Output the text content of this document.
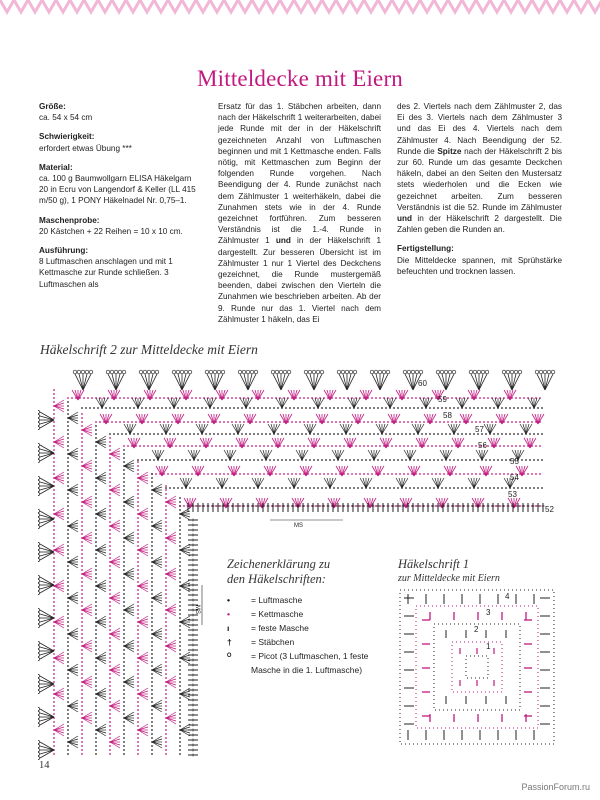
Mitteldecke mit Eiern

Größe:
ca. 54 x 54 cm

Schwierigkeit:
erfordert etwas Übung ***

Material:
ca. 100 g Baumwollgarn ELISA Häkelgarn 20 in Ecru von Langendorf & Keller (LL 415 m/50 g), 1 PONY Häkelnadel Nr. 0,75–1.

Maschenprobe:
20 Kästchen + 22 Reihen = 10 x 10 cm.

Ausführung:
8 Luftmaschen anschlagen und mit 1 Kettmasche zur Runde schließen. 3 Luftmaschen als

Ersatz für das 1. Stäbchen arbeiten, dann nach der Häkelschrift 1 weiterarbeiten, dabei jede Runde mit der in der Häkelschrift gezeichneten Anzahl von Luftmaschen beginnen und mit 1 Kettmasche enden. Falls nötig, mit Kettmaschen zum Beginn der folgenden Runde vorgehen. Nach Beendigung der 4. Runde zunächst nach dem Zählmuster 1 weiterhäkeln, dabei die Zunahmen stets wie in der 4. Runde gezeichnet fortführen. Zum besseren Verständnis ist die 1.-4. Runde in Zählmuster 1 und in der Häkelschrift 1 dargestellt. Zur besseren Übersicht ist im Zählmuster 1 nur 1 Viertel des Deckchens gezeichnet, die Runde mustergemäß beenden, dabei zwischen den Vierteln die Zunahmen wie beschrieben arbeiten. Ab der 9. Runde nur das 1. Viertel nach dem Zählmuster 1 häkeln, das Ei

des 2. Viertels nach dem Zählmuster 2, das Ei des 3. Viertels nach dem Zählmuster 3 und das Ei des 4. Viertels nach dem Zählmuster 4. Nach Beendigung der 52. Runde die Spitze nach der Häkelschrift 2 bis zur 60. Runde um das gesamte Deckchen häkeln, dabei an den Seiten den Mustersatz stets wiederholen und die Ecken wie gezeichnet arbeiten. Zum besseren Verständnis ist die 52. Runde im Zählmuster und in der Häkelschrift 2 dargestellt. Die Zahlen geben die Runden an.

Fertigstellung:
Die Mitteldecke spannen, mit Sprühstärke befeuchten und trocknen lassen.

Häkelschrift 2 zur Mitteldecke mit Eiern
60
59
58
57
56
55
54
53
52
MS
MS
Zeichenerklärung zu
den Häkelschriften:
•	= Luftmasche
•	= Kettmasche
ı	= feste Masche
†	= Stäbchen
ᴼ	= Picot (3 Luftmaschen, 1 feste Masche in die 1. Luftmasche)
Häkelschrift 1
zur Mitteldecke mit Eiern
1
2
3
4
14
PassionForum.ru
